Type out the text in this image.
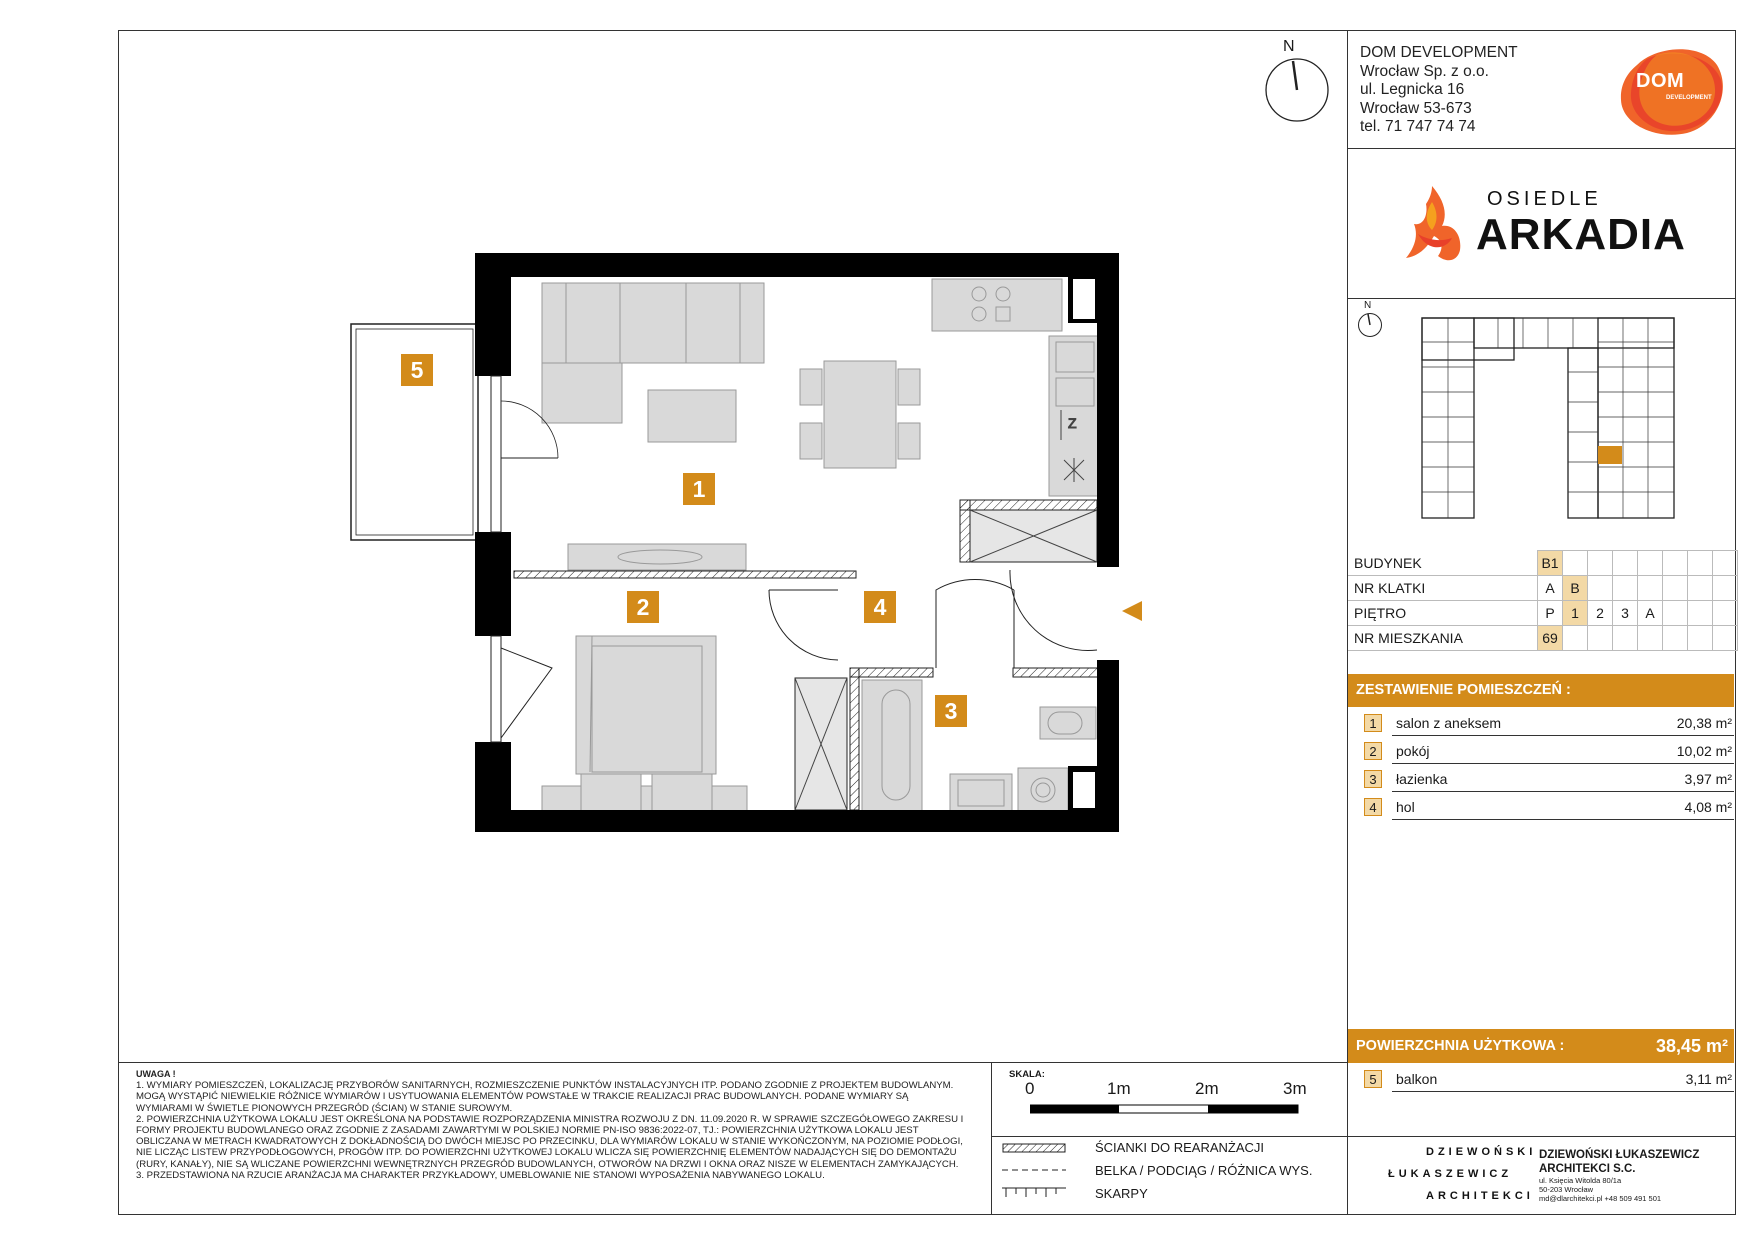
N	DOM DEVELOPMENT
Wrocław Sp. z o.o.
ul. Legnicka 16
Wrocław 53-673
tel. 71 747 74 74
DOM
DEVELOPMENT
OSIEDLE
ARKADIA
N
BUDYNEK	B1							
NR KLATKI	A	B						
PIĘTRO	P	1	2	3	A			
NR MIESZKANIA	69							
ZESTAWIENIE POMIESZCZEŃ :
1	salon z aneksem	20,38 m²
2	pokój	10,02 m²
3	łazienka	3,97 m²
4	hol	4,08 m²
POWIERZCHNIA UŻYTKOWA :	38,45 m²
5	balkon	3,11 m²
Z
1
2
3
4
5
UWAGA !
1. WYMIARY POMIESZCZEŃ, LOKALIZACJĘ PRZYBORÓW SANITARNYCH, ROZMIESZCZENIE PUNKTÓW INSTALACYJNYCH ITP. PODANO ZGODNIE Z PROJEKTEM BUDOWLANYM. MOGĄ WYSTĄPIĆ NIEWIELKIE RÓŻNICE WYMIARÓW I USYTUOWANIA ELEMENTÓW POWSTAŁE W TRAKCIE REALIZACJI PRAC BUDOWLANYCH. PODANE WYMIARY SĄ WYMIARAMI W ŚWIETLE PIONOWYCH PRZEGRÓD (ŚCIAN) W STANIE SUROWYM.
2. POWIERZCHNIA UŻYTKOWA LOKALU JEST OKREŚLONA NA PODSTAWIE ROZPORZĄDZENIA MINISTRA ROZWOJU Z DN. 11.09.2020 R. W SPRAWIE SZCZEGÓŁOWEGO ZAKRESU I FORMY PROJEKTU BUDOWLANEGO ORAZ ZGODNIE Z ZASADAMI ZAWARTYMI W POLSKIEJ NORMIE PN-ISO 9836:2022-07, TJ.: POWIERZCHNIA UŻYTKOWA LOKALU JEST OBLICZANA W METRACH KWADRATOWYCH Z DOKŁADNOŚCIĄ DO DWÓCH MIEJSC PO PRZECINKU, DLA WYMIARÓW LOKALU W STANIE WYKOŃCZONYM, NA POZIOMIE PODŁOGI, NIE LICZĄC LISTEW PRZYPODŁOGOWYCH, PROGÓW ITP. DO POWIERZCHNI UŻYTKOWEJ LOKALU WLICZA SIĘ POWIERZCHNIĘ ELEMENTÓW NADAJĄCYCH SIĘ DO DEMONTAŻU (RURY, KANAŁY), NIE SĄ WLICZANE POWIERZCHNI WEWNĘTRZNYCH PRZEGRÓD BUDOWLANYCH, OTWORÓW NA DRZWI I OKNA ORAZ NISZE W ELEMENTACH ZAMYKAJĄCYCH.
3. PRZEDSTAWIONA NA RZUCIE ARANŻACJA MA CHARAKTER PRZYKŁADOWY, UMEBLOWANIE NIE STANOWI WYPOSAŻENIA NABYWANEGO LOKALU.
SKALA:
0	1m	2m	3m
ŚCIANKI DO REARANŻACJI
BELKA / PODCIĄG / RÓŻNICA WYS.
SKARPY
DZIEWOŃSKI
ŁUKASZEWICZ
ARCHITEKCI
DZIEWOŃSKI ŁUKASZEWICZ
ARCHITEKCI S.C.
ul. Księcia Witolda 80/1a
50-203 Wrocław
md@dlarchitekci.pl +48 509 491 501
